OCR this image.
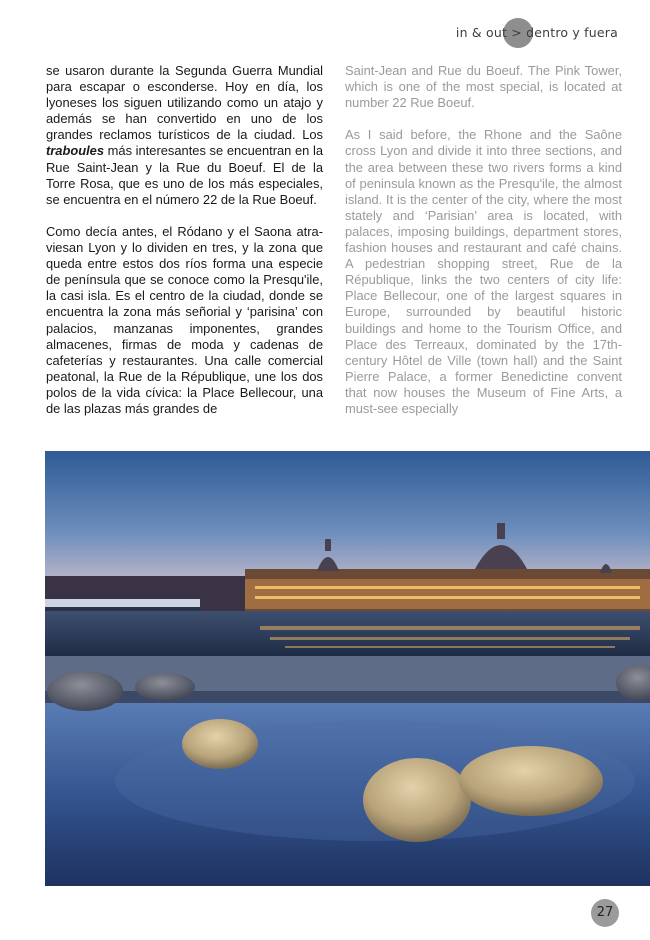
in & out > dentro y fuera

se usaron durante la Segunda Guerra Mundial para escapar o esconderse. Hoy en día, los lyoneses los siguen utilizando como un atajo y además se han convertido en uno de los grandes reclamos turísticos de la ciudad. Los traboules más interesantes se encuentran en la Rue Saint-Jean y la Rue du Boeuf. El de la Torre Rosa, que es uno de los más especiales, se encuentra en el número 22 de la Rue Boeuf.

Como decía antes, el Ródano y el Saona atraviesan Lyon y lo dividen en tres, y la zona que queda entre estos dos ríos forma una especie de península que se conoce como la Presqu'ile, la casi isla. Es el centro de la ciudad, donde se encuentra la zona más señorial y ‘parisina’ con palacios, manzanas imponentes, grandes almacenes, firmas de moda y cadenas de cafeterías y restaurantes. Una calle comercial peatonal, la Rue de la République, une los dos polos de la vida cívica: la Place Bellecour, una de las plazas más grandes de

Saint-Jean and Rue du Boeuf. The Pink Tower, which is one of the most special, is located at number 22 Rue Boeuf.

As I said before, the Rhone and the Saône cross Lyon and divide it into three sections, and the area between these two rivers forms a kind of peninsula known as the Presqu'ile, the almost island. It is the center of the city, where the most stately and ‘Parisian’ area is located, with palaces, imposing buildings, department stores, fashion houses and restaurant and café chains. A pedestrian shopping street, Rue de la République, links the two centers of city life: Place Bellecour, one of the largest squares in Europe, surrounded by beautiful historic buildings and home to the Tourism Office, and Place des Terreaux, dominated by the 17th-century Hôtel de Ville (town hall) and the Saint Pierre Palace, a former Benedictine convent that now houses the Museum of Fine Arts, a must-see especially

27
